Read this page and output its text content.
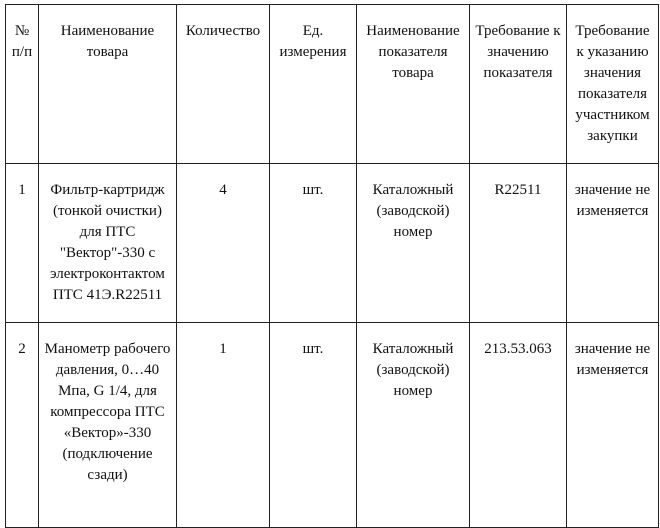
№ п/п	Наименование товара	Количество	Ед. измерения	Наименование показателя товара	Требование к значению показателя	Требование к указанию значения показателя участником закупки
1	Фильтр-картридж (тонкой очистки) для ПТС "Вектор"-330 с электроконтактом ПТС 41Э.R22511	4	шт.	Каталожный (заводской) номер	R22511	значение не изменяется
2	Манометр рабочего давления, 0…40 Мпа, G 1/4, для компрессора ПТС «Вектор»-330 (подключение сзади)	1	шт.	Каталожный (заводской) номер	213.53.063	значение не изменяется
